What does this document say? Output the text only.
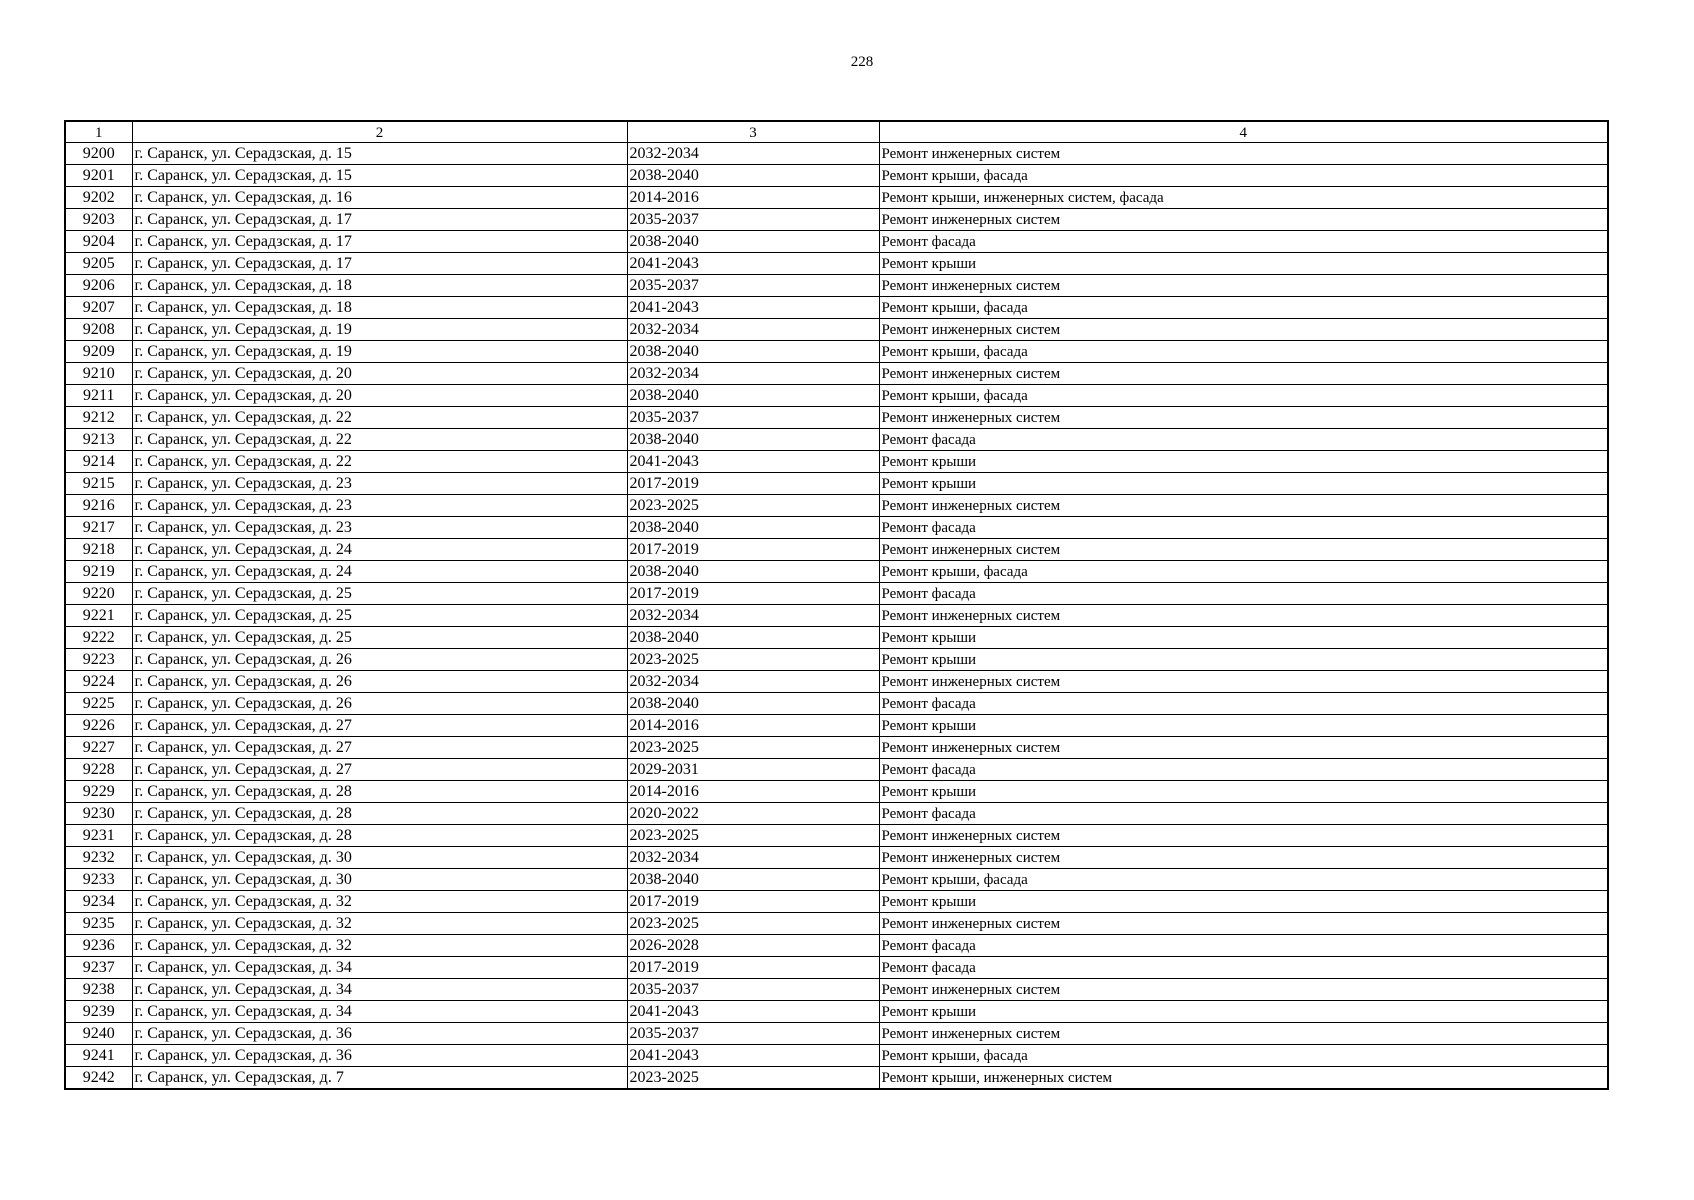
228
1	2	3	4
9200	г. Саранск, ул. Серадзская, д. 15	2032-2034	Ремонт инженерных систем
9201	г. Саранск, ул. Серадзская, д. 15	2038-2040	Ремонт крыши, фасада
9202	г. Саранск, ул. Серадзская, д. 16	2014-2016	Ремонт крыши, инженерных систем, фасада
9203	г. Саранск, ул. Серадзская, д. 17	2035-2037	Ремонт инженерных систем
9204	г. Саранск, ул. Серадзская, д. 17	2038-2040	Ремонт фасада
9205	г. Саранск, ул. Серадзская, д. 17	2041-2043	Ремонт крыши
9206	г. Саранск, ул. Серадзская, д. 18	2035-2037	Ремонт инженерных систем
9207	г. Саранск, ул. Серадзская, д. 18	2041-2043	Ремонт крыши, фасада
9208	г. Саранск, ул. Серадзская, д. 19	2032-2034	Ремонт инженерных систем
9209	г. Саранск, ул. Серадзская, д. 19	2038-2040	Ремонт крыши, фасада
9210	г. Саранск, ул. Серадзская, д. 20	2032-2034	Ремонт инженерных систем
9211	г. Саранск, ул. Серадзская, д. 20	2038-2040	Ремонт крыши, фасада
9212	г. Саранск, ул. Серадзская, д. 22	2035-2037	Ремонт инженерных систем
9213	г. Саранск, ул. Серадзская, д. 22	2038-2040	Ремонт фасада
9214	г. Саранск, ул. Серадзская, д. 22	2041-2043	Ремонт крыши
9215	г. Саранск, ул. Серадзская, д. 23	2017-2019	Ремонт крыши
9216	г. Саранск, ул. Серадзская, д. 23	2023-2025	Ремонт инженерных систем
9217	г. Саранск, ул. Серадзская, д. 23	2038-2040	Ремонт фасада
9218	г. Саранск, ул. Серадзская, д. 24	2017-2019	Ремонт инженерных систем
9219	г. Саранск, ул. Серадзская, д. 24	2038-2040	Ремонт крыши, фасада
9220	г. Саранск, ул. Серадзская, д. 25	2017-2019	Ремонт фасада
9221	г. Саранск, ул. Серадзская, д. 25	2032-2034	Ремонт инженерных систем
9222	г. Саранск, ул. Серадзская, д. 25	2038-2040	Ремонт крыши
9223	г. Саранск, ул. Серадзская, д. 26	2023-2025	Ремонт крыши
9224	г. Саранск, ул. Серадзская, д. 26	2032-2034	Ремонт инженерных систем
9225	г. Саранск, ул. Серадзская, д. 26	2038-2040	Ремонт фасада
9226	г. Саранск, ул. Серадзская, д. 27	2014-2016	Ремонт крыши
9227	г. Саранск, ул. Серадзская, д. 27	2023-2025	Ремонт инженерных систем
9228	г. Саранск, ул. Серадзская, д. 27	2029-2031	Ремонт фасада
9229	г. Саранск, ул. Серадзская, д. 28	2014-2016	Ремонт крыши
9230	г. Саранск, ул. Серадзская, д. 28	2020-2022	Ремонт фасада
9231	г. Саранск, ул. Серадзская, д. 28	2023-2025	Ремонт инженерных систем
9232	г. Саранск, ул. Серадзская, д. 30	2032-2034	Ремонт инженерных систем
9233	г. Саранск, ул. Серадзская, д. 30	2038-2040	Ремонт крыши, фасада
9234	г. Саранск, ул. Серадзская, д. 32	2017-2019	Ремонт крыши
9235	г. Саранск, ул. Серадзская, д. 32	2023-2025	Ремонт инженерных систем
9236	г. Саранск, ул. Серадзская, д. 32	2026-2028	Ремонт фасада
9237	г. Саранск, ул. Серадзская, д. 34	2017-2019	Ремонт фасада
9238	г. Саранск, ул. Серадзская, д. 34	2035-2037	Ремонт инженерных систем
9239	г. Саранск, ул. Серадзская, д. 34	2041-2043	Ремонт крыши
9240	г. Саранск, ул. Серадзская, д. 36	2035-2037	Ремонт инженерных систем
9241	г. Саранск, ул. Серадзская, д. 36	2041-2043	Ремонт крыши, фасада
9242	г. Саранск, ул. Серадзская, д. 7	2023-2025	Ремонт крыши, инженерных систем
